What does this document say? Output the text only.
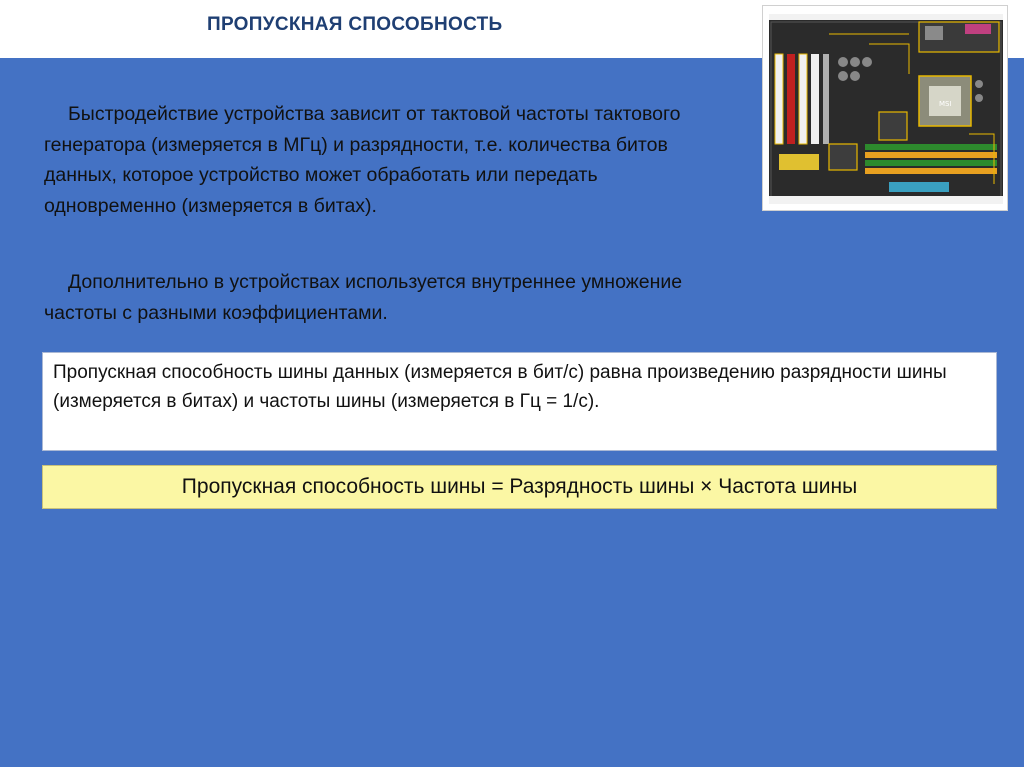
ПРОПУСКНАЯ СПОСОБНОСТЬ
Быстродействие устройства зависит от тактовой частоты тактового генератора (измеряется в МГц) и разрядности, т.е. количества битов данных, которое устройство может обработать или передать одновременно (измеряется в битах).
Дополнительно в устройствах используется внутреннее умножение частоты с разными коэффициентами.
Пропускная способность шины данных (измеряется в бит/с) равна произведению разрядности шины (измеряется в битах) и частоты шины (измеряется в Гц = 1/с).
Пропускная способность шины = Разрядность шины × Частота шины
MSI
